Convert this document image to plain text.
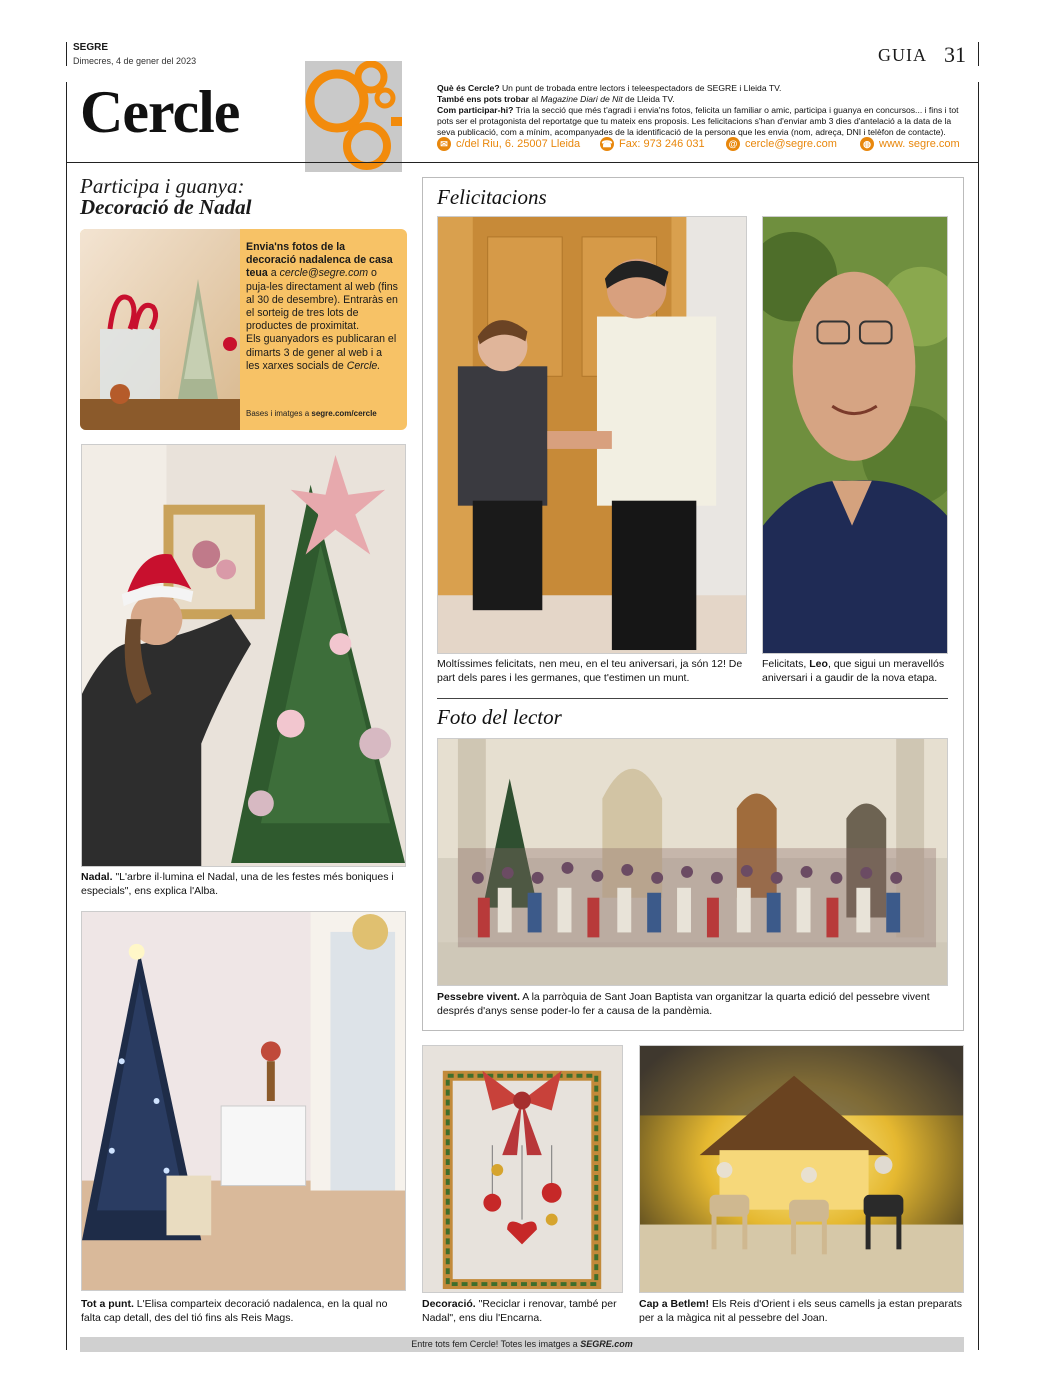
SEGRE
Dimecres, 4 de gener del 2023	GUIA 31
Cercle	Què és Cercle? Un punt de trobada entre lectors i teleespectadors de SEGRE i Lleida TV.
També ens pots trobar al Magazine Diari de Nit de Lleida TV.
Com participar-hi? Tria la secció que més t'agradi i envia'ns fotos, felicita un familiar o amic, participa i guanya en concursos... i fins i tot pots ser el protagonista del reportatge que tu mateix ens proposis. Les felicitacions s'han d'enviar amb 3 dies d'antelació a la data de la seva publicació, com a mínim, acompanyades de la identificació de la persona que les envia (nom, adreça, DNI i telèfon de contacte).
✉ c/del Riu, 6. 25007 Lleida ☎ Fax: 973 246 031	@ cercle@segre.com	◍ www. segre.com
Participa i guanya:
Decoració de Nadal
Envia'ns fotos de la decoració nadalenca de casa teua a cercle@segre.com o puja-les directament al web (fins al 30 de desembre). Entraràs en el sorteig de tres lots de productes de proximitat.
Els guanyadors es publicaran el dimarts 3 de gener al web i a les xarxes socials de Cercle.
Bases i imatges a segre.com/cercle
Nadal. "L'arbre il·lumina el Nadal, una de les festes més boniques i especials", ens explica l'Alba.
Tot a punt. L'Elisa comparteix decoració nadalenca, en la qual no falta cap detall, des del tió fins als Reis Mags.
Felicitacions
Moltíssimes felicitats, nen meu, en el teu aniversari, ja són 12! De part dels pares i les germanes, que t'estimen un munt.
Felicitats, Leo, que sigui un meravellós aniversari i a gaudir de la nova etapa.
Foto del lector
Pessebre vivent. A la parròquia de Sant Joan Baptista van organitzar la quarta edició del pessebre vivent després d'anys sense poder-lo fer a causa de la pandèmia.
Decoració. "Reciclar i renovar, també per Nadal", ens diu l'Encarna.
Cap a Betlem! Els Reis d'Orient i els seus camells ja estan preparats per a la màgica nit al pessebre del Joan.
Entre tots fem Cercle! Totes les imatges a SEGRE.com
